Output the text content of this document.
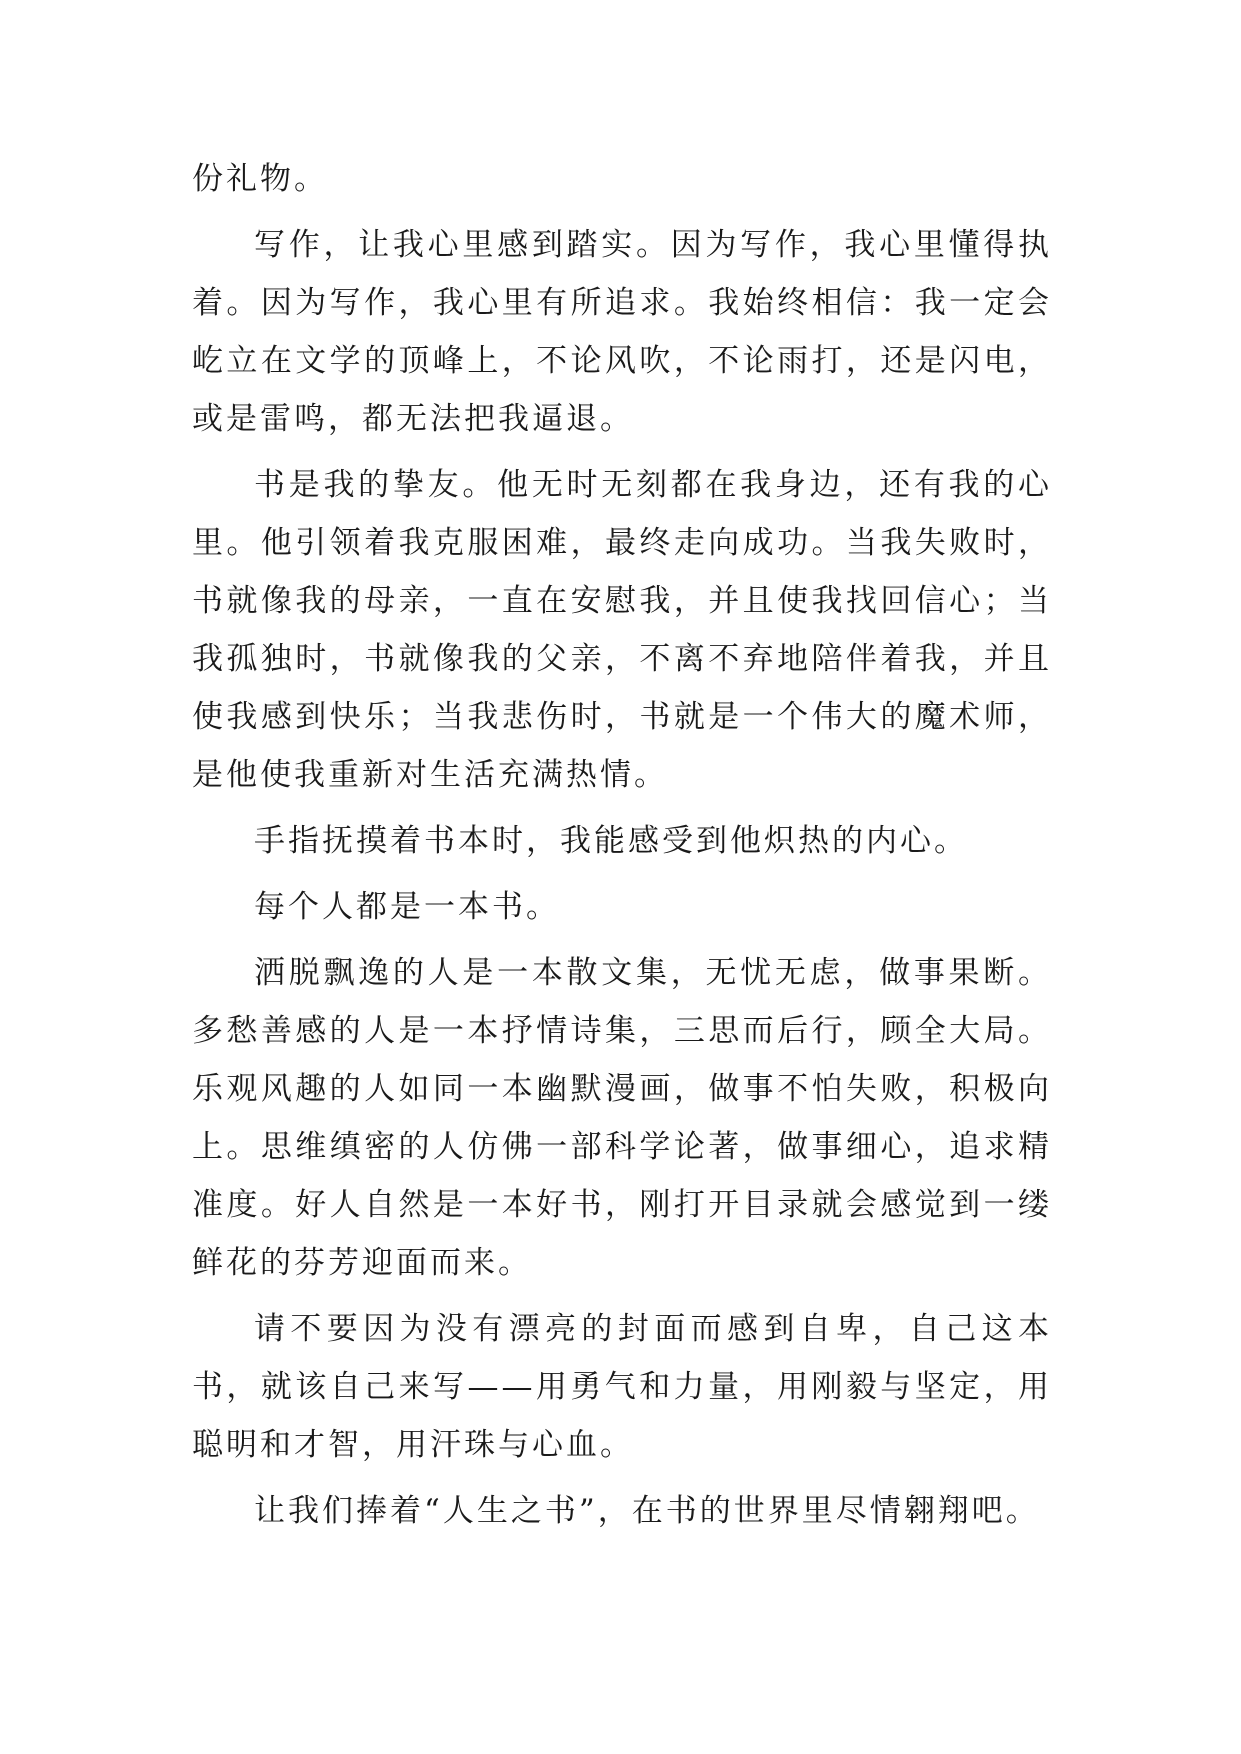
份礼物。

写作，让我心里感到踏实。因为写作，我心里懂得执着。因为写作，我心里有所追求。我始终相信：我一定会屹立在文学的顶峰上，不论风吹，不论雨打，还是闪电，或是雷鸣，都无法把我逼退。

书是我的挚友。他无时无刻都在我身边，还有我的心里。他引领着我克服困难，最终走向成功。当我失败时，书就像我的母亲，一直在安慰我，并且使我找回信心；当我孤独时，书就像我的父亲，不离不弃地陪伴着我，并且使我感到快乐；当我悲伤时，书就是一个伟大的魔术师，是他使我重新对生活充满热情。

手指抚摸着书本时，我能感受到他炽热的内心。

每个人都是一本书。

洒脱飘逸的人是一本散文集，无忧无虑，做事果断。多愁善感的人是一本抒情诗集，三思而后行，顾全大局。乐观风趣的人如同一本幽默漫画，做事不怕失败，积极向上。思维缜密的人仿佛一部科学论著，做事细心，追求精准度。好人自然是一本好书，刚打开目录就会感觉到一缕鲜花的芬芳迎面而来。

请不要因为没有漂亮的封面而感到自卑，自己这本书，就该自己来写——用勇气和力量，用刚毅与坚定，用聪明和才智，用汗珠与心血。

让我们捧着“人生之书”，在书的世界里尽情翱翔吧。
